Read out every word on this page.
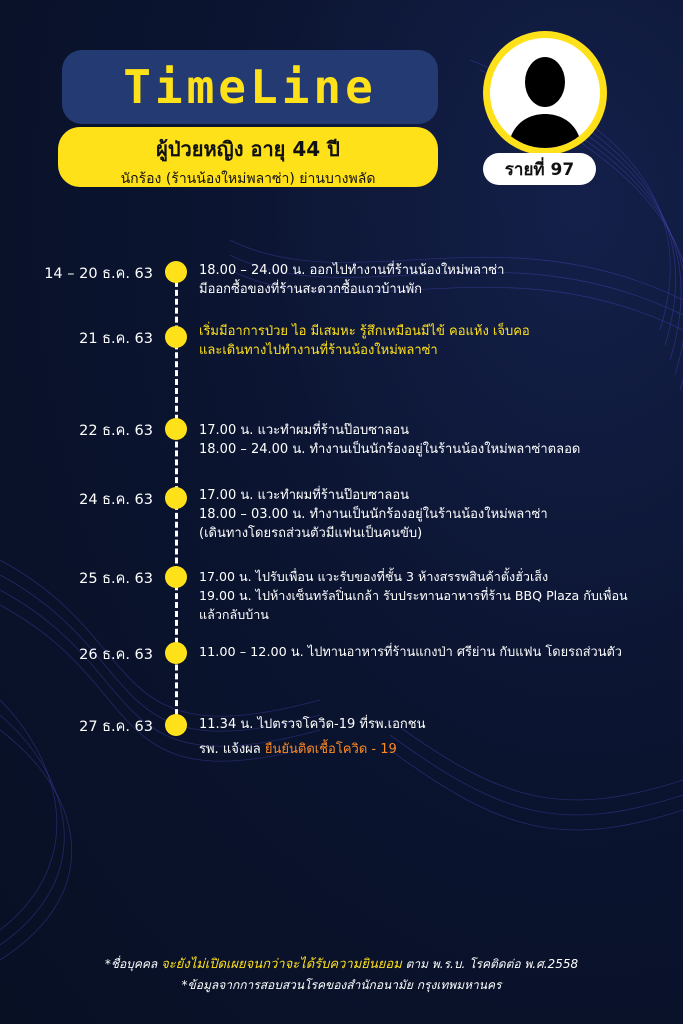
TimeLine
ผู้ป่วยหญิง อายุ 44 ปี
นักร้อง (ร้านน้องใหม่พลาซ่า) ย่านบางพลัด	รายที่ 97
14 – 20 ธ.ค. 63	18.00 – 24.00 น. ออกไปทำงานที่ร้านน้องใหม่พลาซ่า
มีออกซื้อของที่ร้านสะดวกซื้อแถวบ้านพัก
21 ธ.ค. 63	เริ่มมีอาการป่วย ไอ มีเสมหะ รู้สึกเหมือนมีไข้ คอแห้ง เจ็บคอ
และเดินทางไปทำงานที่ร้านน้องใหม่พลาซ่า
22 ธ.ค. 63	17.00 น. แวะทำผมที่ร้านป๊อบซาลอน
18.00 – 24.00 น. ทำงานเป็นนักร้องอยู่ในร้านน้องใหม่พลาซ่าตลอด
24 ธ.ค. 63	17.00 น. แวะทำผมที่ร้านป๊อบซาลอน
18.00 – 03.00 น. ทำงานเป็นนักร้องอยู่ในร้านน้องใหม่พลาซ่า
(เดินทางโดยรถส่วนตัวมีแฟนเป็นคนขับ)
25 ธ.ค. 63	17.00 น. ไปรับเพื่อน แวะรับของที่ชั้น 3 ห้างสรรพสินค้าตั้งฮั่วเส็ง
19.00 น. ไปห้างเซ็นทรัลปิ่นเกล้า รับประทานอาหารที่ร้าน BBQ Plaza กับเพื่อน
แล้วกลับบ้าน
26 ธ.ค. 63	11.00 – 12.00 น. ไปทานอาหารที่ร้านแกงป่า ศรีย่าน กับแฟน โดยรถส่วนตัว
27 ธ.ค. 63	11.34 น. ไปตรวจโควิด-19 ที่รพ.เอกชน
รพ. แจ้งผล ยืนยันติดเชื้อโควิด - 19
*ชื่อบุคคล จะยังไม่เปิดเผยจนกว่าจะได้รับความยินยอม ตาม พ.ร.บ. โรคติดต่อ พ.ศ.2558
*ข้อมูลจากการสอบสวนโรคของสำนักอนามัย กรุงเทพมหานคร
